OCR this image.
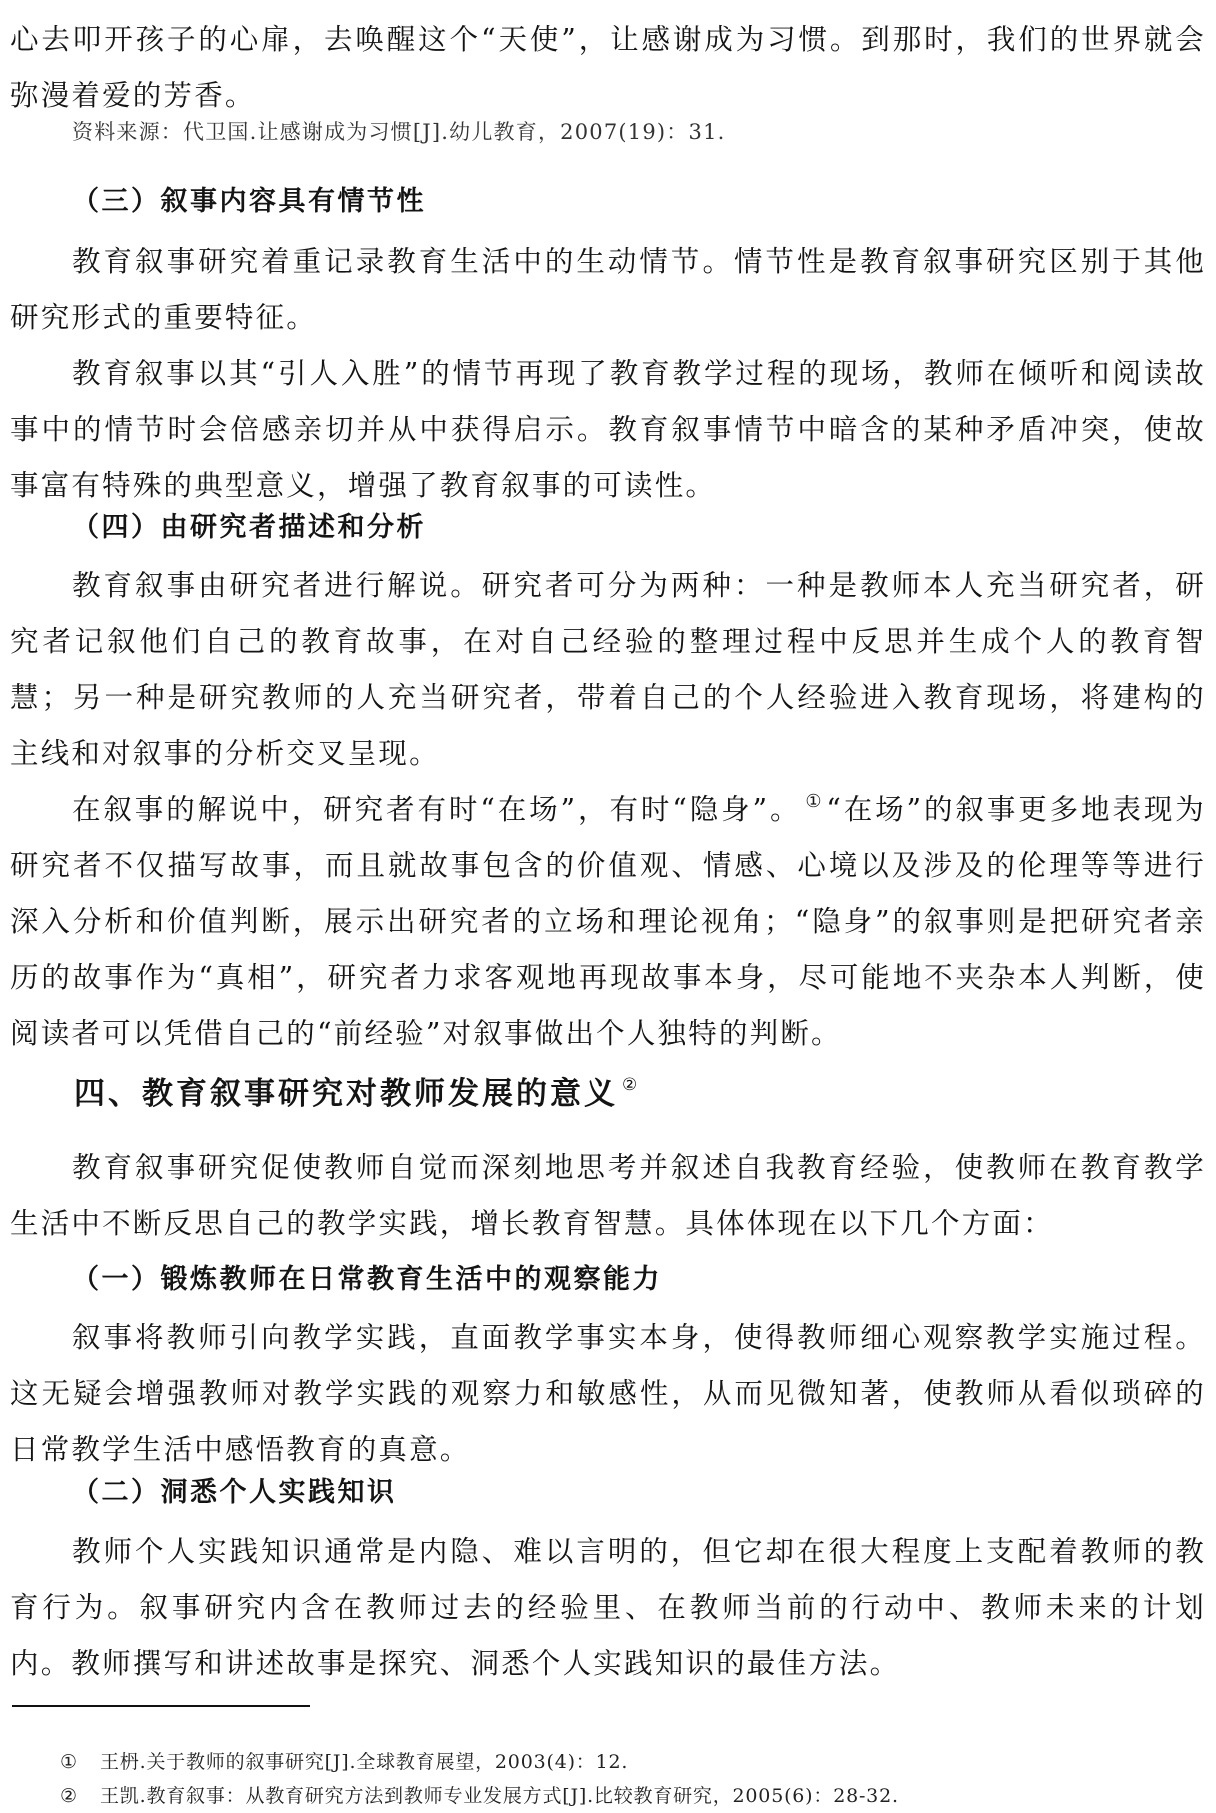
心去叩开孩子的心扉，去唤醒这个“天使”，让感谢成为习惯。到那时，我们的世界就会弥漫着爱的芳香。

资料来源：代卫国.让感谢成为习惯[J].幼儿教育，2007(19)：31.
（三）叙事内容具有情节性

教育叙事研究着重记录教育生活中的生动情节。情节性是教育叙事研究区别于其他研究形式的重要特征。

教育叙事以其“引人入胜”的情节再现了教育教学过程的现场，教师在倾听和阅读故事中的情节时会倍感亲切并从中获得启示。教育叙事情节中暗含的某种矛盾冲突，使故事富有特殊的典型意义，增强了教育叙事的可读性。

（四）由研究者描述和分析

教育叙事由研究者进行解说。研究者可分为两种：一种是教师本人充当研究者，研究者记叙他们自己的教育故事，在对自己经验的整理过程中反思并生成个人的教育智慧；另一种是研究教师的人充当研究者，带着自己的个人经验进入教育现场，将建构的主线和对叙事的分析交叉呈现。

在叙事的解说中，研究者有时“在场”，有时“隐身”。 ① “在场”的叙事更多地表现为研究者不仅描写故事，而且就故事包含的价值观、情感、心境以及涉及的伦理等等进行深入分析和价值判断，展示出研究者的立场和理论视角；“隐身”的叙事则是把研究者亲历的故事作为“真相”，研究者力求客观地再现故事本身，尽可能地不夹杂本人判断，使阅读者可以凭借自己的“前经验”对叙事做出个人独特的判断。

四、教育叙事研究对教师发展的意义 ②

教育叙事研究促使教师自觉而深刻地思考并叙述自我教育经验，使教师在教育教学生活中不断反思自己的教学实践，增长教育智慧。具体体现在以下几个方面：

（一）锻炼教师在日常教育生活中的观察能力

叙事将教师引向教学实践，直面教学事实本身，使得教师细心观察教学实施过程。这无疑会增强教师对教学实践的观察力和敏感性，从而见微知著，使教师从看似琐碎的日常教学生活中感悟教育的真意。

（二）洞悉个人实践知识

教师个人实践知识通常是内隐、难以言明的，但它却在很大程度上支配着教师的教育行为。叙事研究内含在教师过去的经验里、在教师当前的行动中、教师未来的计划内。教师撰写和讲述故事是探究、洞悉个人实践知识的最佳方法。

① 王枬.关于教师的叙事研究[J].全球教育展望，2003(4)：12.
② 王凯.教育叙事：从教育研究方法到教师专业发展方式[J].比较教育研究，2005(6)：28-32.
